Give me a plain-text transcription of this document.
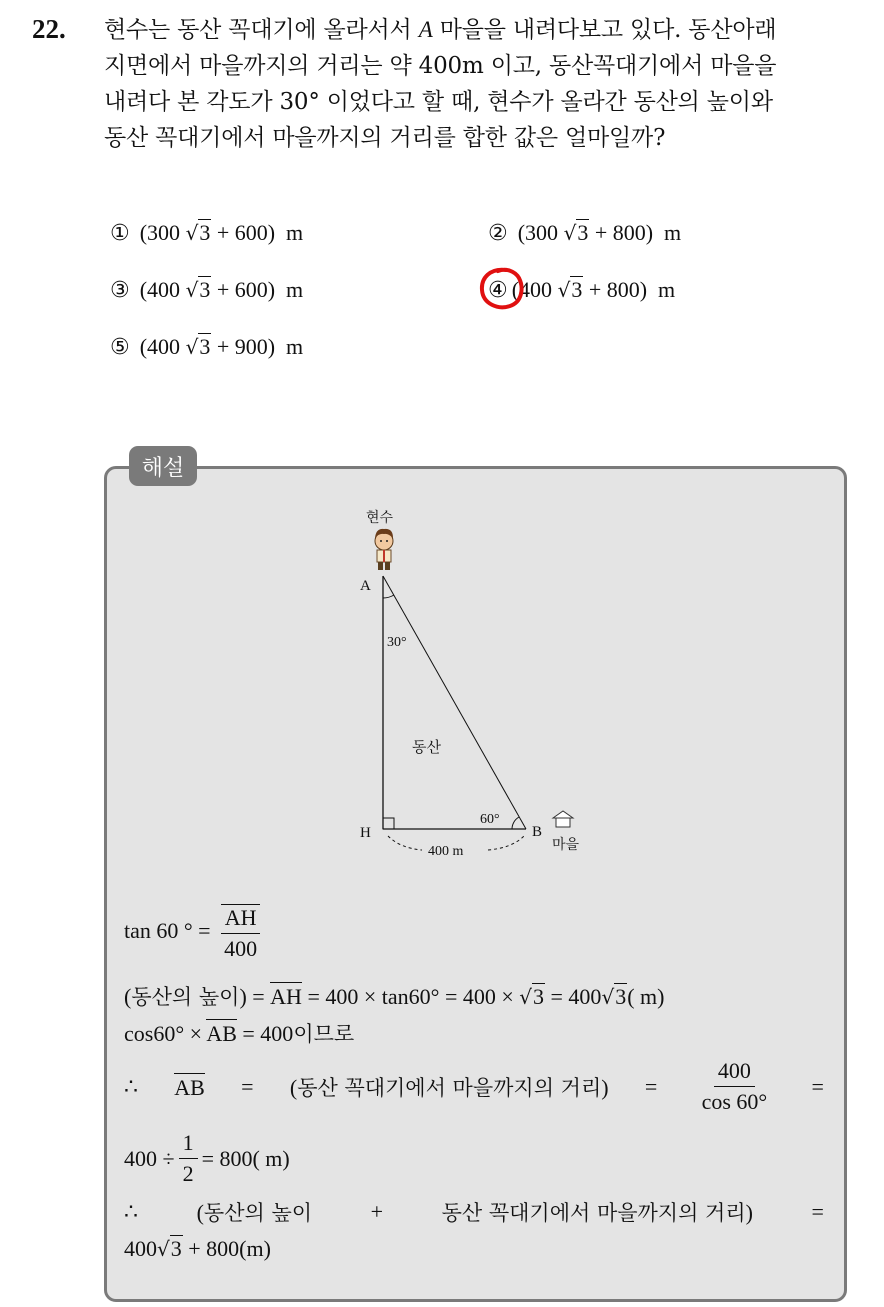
22. 현수는 동산 꼭대기에 올라서서 A 마을을 내려다보고 있다. 동산아래
지면에서 마을까지의 거리는 약 400m 이고, 동산꼭대기에서 마을을
내려다 본 각도가 30° 이었다고 할 때, 현수가 올라간 동산의 높이와
동산 꼭대기에서 마을까지의 거리를 합한 값은 얼마일까?
① (300 √3 + 600) m	② (300 √3 + 800) m
③ (400 √3 + 600) m	④ (400 √3 + 800) m
⑤ (400 √3 + 900) m
해설
현수
A
30°
동산
60°
H	B
400 m	마을
tan 60 ° = $\frac{AH}{400}$
(동산의 높이) = AH = 400 × tan60° = 400 × √3 = 400√3( m)
cos60° × AB = 400이므로
∴ AB = (동산 꼭대기에서 마을까지의 거리) = $\frac{400}{\cos 60^\circ}$ =
$400 \div \frac{1}{2} = 800$( m)
∴	(동산의 높이	+	동산 꼭대기에서 마을까지의 거리)	=
400√3 + 800(m)
